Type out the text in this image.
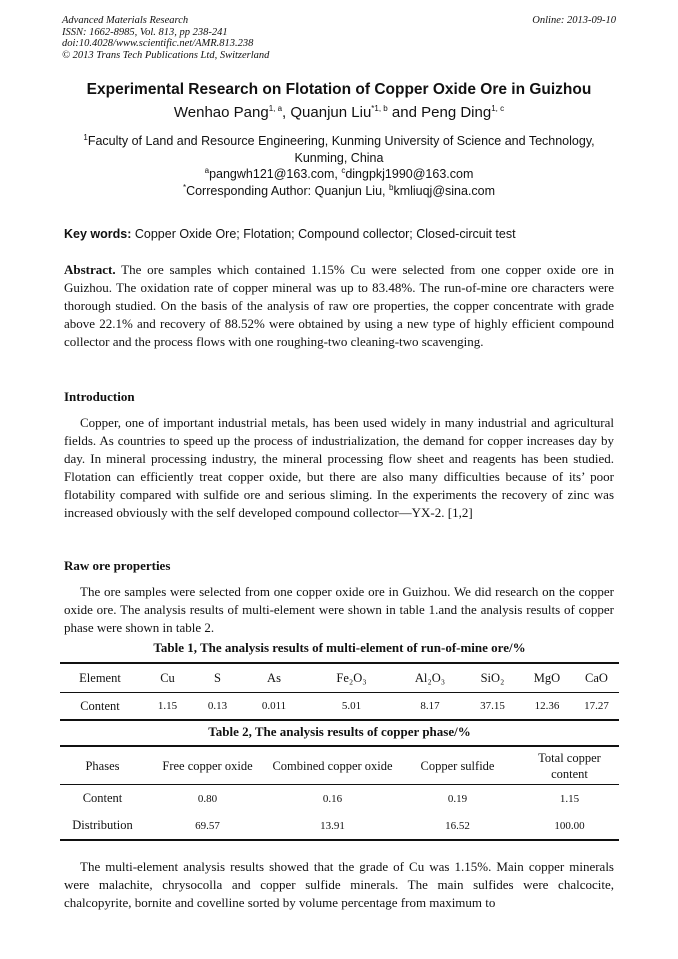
Advanced Materials Research
ISSN: 1662-8985, Vol. 813, pp 238-241
doi:10.4028/www.scientific.net/AMR.813.238
© 2013 Trans Tech Publications Ltd, Switzerland
Online: 2013-09-10
Experimental Research on Flotation of Copper Oxide Ore in Guizhou
Wenhao Pang$^{1, a}$, Quanjun Liu$^{*1, b}$ and Peng Ding$^{1, c}$
$^1$Faculty of Land and Resource Engineering, Kunming University of Science and Technology,
Kunming, China
$^a$pangwh121@163.com, $^c$dingpkj1990@163.com
*Corresponding Author: Quanjun Liu, $^b$kmliuqj@sina.com
Key words: Copper Oxide Ore; Flotation; Compound collector; Closed-circuit test
Abstract. The ore samples which contained 1.15% Cu were selected from one copper oxide ore in Guizhou. The oxidation rate of copper mineral was up to 83.48%. The run-of-mine ore characters were thorough studied. On the basis of the analysis of raw ore properties, the copper concentrate with grade above 22.1% and recovery of 88.52% were obtained by using a new type of highly efficient compound collector and the process flows with one roughing-two cleaning-two scavenging.
Introduction
Copper, one of important industrial metals, has been used widely in many industrial and agricultural fields. As countries to speed up the process of industrialization, the demand for copper increases day by day. In mineral processing industry, the mineral processing flow sheet and reagents has been studied. Flotation can efficiently treat copper oxide, but there are also many difficulties because of its’ poor flotability compared with sulfide ore and serious sliming. In the experiments the recovery of zinc was increased obviously with the self developed compound collector—YX-2. [1,2]
Raw ore properties
The ore samples were selected from one copper oxide ore in Guizhou. We did research on the copper oxide ore. The analysis results of multi-element were shown in table 1.and the analysis results of copper phase were shown in table 2.
Table 1, The analysis results of multi-element of run-of-mine ore/%
Element	Cu	S	As	Fe₂O₃	Al₂O₃	SiO₂	MgO	CaO
Content	1.15	0.13	0.011	5.01	8.17	37.15	12.36	17.27
Table 2, The analysis results of copper phase/%
Phases	Free copper oxide	Combined copper oxide	Copper sulfide	Total copper content
Content	0.80	0.16	0.19	1.15
Distribution	69.57	13.91	16.52	100.00
The multi-element analysis results showed that the grade of Cu was 1.15%. Main copper minerals were malachite, chrysocolla and copper sulfide minerals. The main sulfides were chalcocite, chalcopyrite, bornite and covelline sorted by volume percentage from maximum to
